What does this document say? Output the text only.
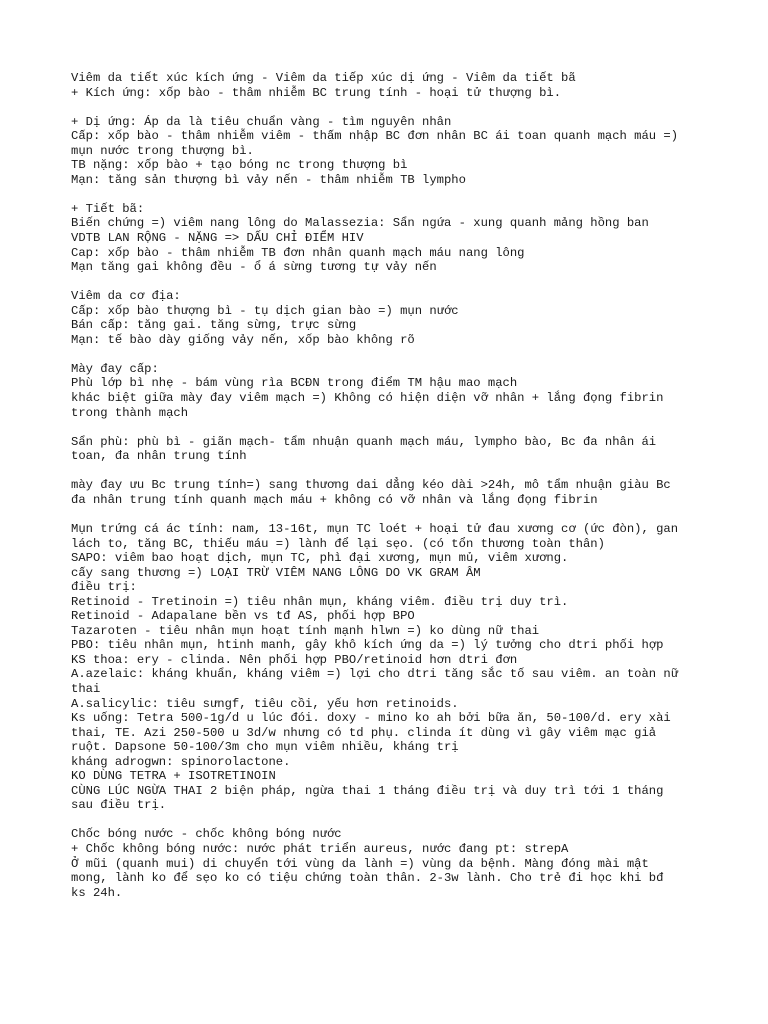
Viêm da tiết xúc kích ứng - Viêm da tiếp xúc dị ứng - Viêm da tiết bã
+ Kích ứng: xốp bào - thâm nhiễm BC trung tính - hoại tử thượng bì.
+ Dị ứng: Áp da là tiêu chuẩn vàng - tìm nguyên nhân
Cấp: xốp bào - thâm nhiễm viêm - thấm nhập BC đơn nhân BC ái toan quanh mạch máu =)
mụn nước trong thượng bì.
TB nặng: xốp bào + tạo bóng nc trong thượng bì
Mạn: tăng sản thượng bì vảy nến - thâm nhiễm TB lympho
+ Tiết bã:
Biến chứng =) viêm nang lông do Malassezia: Sẩn ngứa - xung quanh mảng hồng ban
VDTB LAN RỘNG - NẶNG => DẤU CHỈ ĐIỂM HIV
Cap: xốp bào - thâm nhiễm TB đơn nhân quanh mạch máu nang lông
Mạn tăng gai không đều - ổ á sừng tương tự vảy nến
Viêm da cơ địa:
Cấp: xốp bào thượng bì - tụ dịch gian bào =) mụn nước
Bán cấp: tăng gai. tăng sừng, trực sừng
Mạn: tế bào dày giống vảy nến, xốp bào không rõ
Mày đay cấp:
Phù lớp bì nhẹ - bám vùng rìa BCĐN trong điểm TM hậu mao mạch
khác biệt giữa mày đay viêm mạch =) Không có hiện diện vỡ nhân + lắng đọng fibrin
trong thành mạch
Sẩn phù: phù bì - giãn mạch- tẩm nhuận quanh mạch máu, lympho bào, Bc đa nhân ái
toan, đa nhân trung tính
mày đay ưu Bc trung tính=) sang thương dai dẳng kéo dài >24h, mô tẩm nhuận giàu Bc
đa nhân trung tính quanh mạch máu + không có vỡ nhân và lắng đọng fibrin
Mụn trứng cá ác tính: nam, 13-16t, mụn TC loét + hoại tử đau xương cơ (ức đòn), gan
lách to, tăng BC, thiếu máu =) lành để lại sẹo. (có tổn thương toàn thân)
SAPO: viêm bao hoạt dịch, mụn TC, phì đại xương, mụn mủ, viêm xương.
cấy sang thương =) LOẠI TRỪ VIÊM NANG LÔNG DO VK GRAM ÂM
điều trị:
Retinoid - Tretinoin =) tiêu nhân mụn, kháng viêm. điều trị duy trì.
Retinoid - Adapalane bền vs tđ AS, phối hợp BPO
Tazaroten - tiêu nhân mụn hoạt tính mạnh hlwn =) ko dùng nữ thai
PBO: tiêu nhân mụn, htinh manh, gây khô kích ứng da =) lý tưởng cho dtri phối hợp
KS thoa: ery - clinda. Nên phối hợp PBO/retinoid hơn dtri đơn
A.azelaic: kháng khuẩn, kháng viêm =) lợi cho dtri tăng sắc tố sau viêm. an toàn nữ
thai
A.salicylic: tiêu sưngf, tiêu cồi, yếu hơn retinoids.
Ks uống: Tetra 500-1g/d u lúc đói. doxy - mino ko ah bởi bữa ăn, 50-100/d. ery xài
thai, TE. Azi 250-500 u 3d/w nhưng có td phụ. clinda ít dùng vì gây viêm mạc giả
ruột. Dapsone 50-100/3m cho mụn viêm nhiều, kháng trị
kháng adrogwn: spinorolactone.
KO DÙNG TETRA + ISOTRETINOIN
CÙNG LÚC NGỪA THAI 2 biện pháp, ngừa thai 1 tháng điều trị và duy trì tới 1 tháng
sau điều trị.
Chốc bóng nước - chốc không bóng nước
+ Chốc không bóng nước: nước phát triển aureus, nước đang pt: strepA
Ở mũi (quanh mui) di chuyển tới vùng da lành =) vùng da bệnh. Màng đóng mài mật
mong, lành ko để sẹo ko có tiệu chứng toàn thân. 2-3w lành. Cho trẻ đi học khi bđ
ks 24h.
